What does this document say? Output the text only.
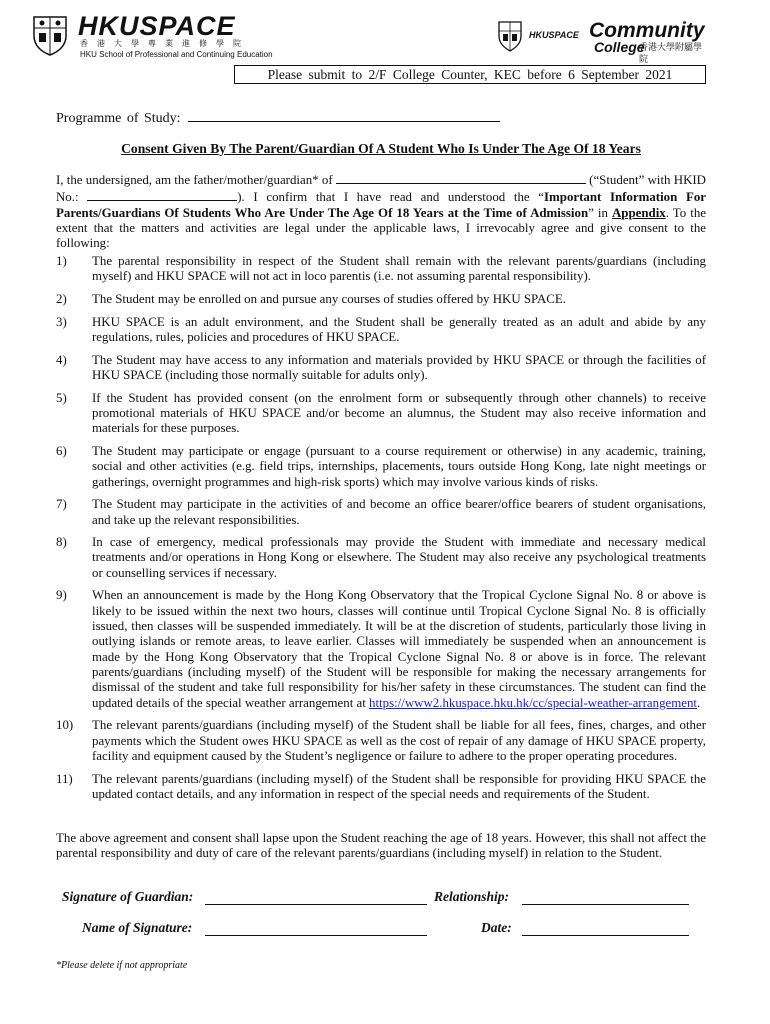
HKUSPACE
香港大學專業進修學院
HKU School of Professional and Continuing Education
HKUSPACE Community
College
香港大學附屬學院
Please submit to 2/F College Counter, KEC before 6 September 2021
Programme of Study:
Consent Given By The Parent/Guardian Of A Student Who Is Under The Age Of 18 Years
I, the undersigned, am the father/mother/guardian* of	(“Student” with HKID No.:	). I confirm that I have read and understood the “Important Information For Parents/Guardians Of Students Who Are Under The Age Of 18 Years at the Time of Admission” in Appendix. To the extent that the matters and activities are legal under the applicable laws, I irrevocably agree and give consent to the following:
1)	The parental responsibility in respect of the Student shall remain with the relevant parents/guardians (including myself) and HKU SPACE will not act in loco parentis (i.e. not assuming parental responsibility).
2)	The Student may be enrolled on and pursue any courses of studies offered by HKU SPACE.
3)	HKU SPACE is an adult environment, and the Student shall be generally treated as an adult and abide by any regulations, rules, policies and procedures of HKU SPACE.
4)	The Student may have access to any information and materials provided by HKU SPACE or through the facilities of HKU SPACE (including those normally suitable for adults only).
5)	If the Student has provided consent (on the enrolment form or subsequently through other channels) to receive promotional materials of HKU SPACE and/or become an alumnus, the Student may also receive information and materials for these purposes.
6)	The Student may participate or engage (pursuant to a course requirement or otherwise) in any academic, training, social and other activities (e.g. field trips, internships, placements, tours outside Hong Kong, late night meetings or gatherings, overnight programmes and high-risk sports) which may involve various kinds of risks.
7)	The Student may participate in the activities of and become an office bearer/office bearers of student organisations, and take up the relevant responsibilities.
8)	In case of emergency, medical professionals may provide the Student with immediate and necessary medical treatments and/or operations in Hong Kong or elsewhere. The Student may also receive any psychological treatments or counselling services if necessary.
9)	When an announcement is made by the Hong Kong Observatory that the Tropical Cyclone Signal No. 8 or above is likely to be issued within the next two hours, classes will continue until Tropical Cyclone Signal No. 8 is officially issued, then classes will be suspended immediately. It will be at the discretion of students, particularly those living in outlying islands or remote areas, to leave earlier. Classes will immediately be suspended when an announcement is made by the Hong Kong Observatory that the Tropical Cyclone Signal No. 8 or above is in force. The relevant parents/guardians (including myself) of the Student will be responsible for making the necessary arrangements for dismissal of the student and take full responsibility for his/her safety in these circumstances. The student can find the updated details of the special weather arrangement at https://www2.hkuspace.hku.hk/cc/special-weather-arrangement.
10)	The relevant parents/guardians (including myself) of the Student shall be liable for all fees, fines, charges, and other payments which the Student owes HKU SPACE as well as the cost of repair of any damage of HKU SPACE property, facility and equipment caused by the Student’s negligence or failure to adhere to the proper operating procedures.
11)	The relevant parents/guardians (including myself) of the Student shall be responsible for providing HKU SPACE the updated contact details, and any information in respect of the special needs and requirements of the Student.
The above agreement and consent shall lapse upon the Student reaching the age of 18 years. However, this shall not affect the parental responsibility and duty of care of the relevant parents/guardians (including myself) in relation to the Student.
Signature of Guardian:	Relationship:
Name of Signature:	Date:
*Please delete if not appropriate
